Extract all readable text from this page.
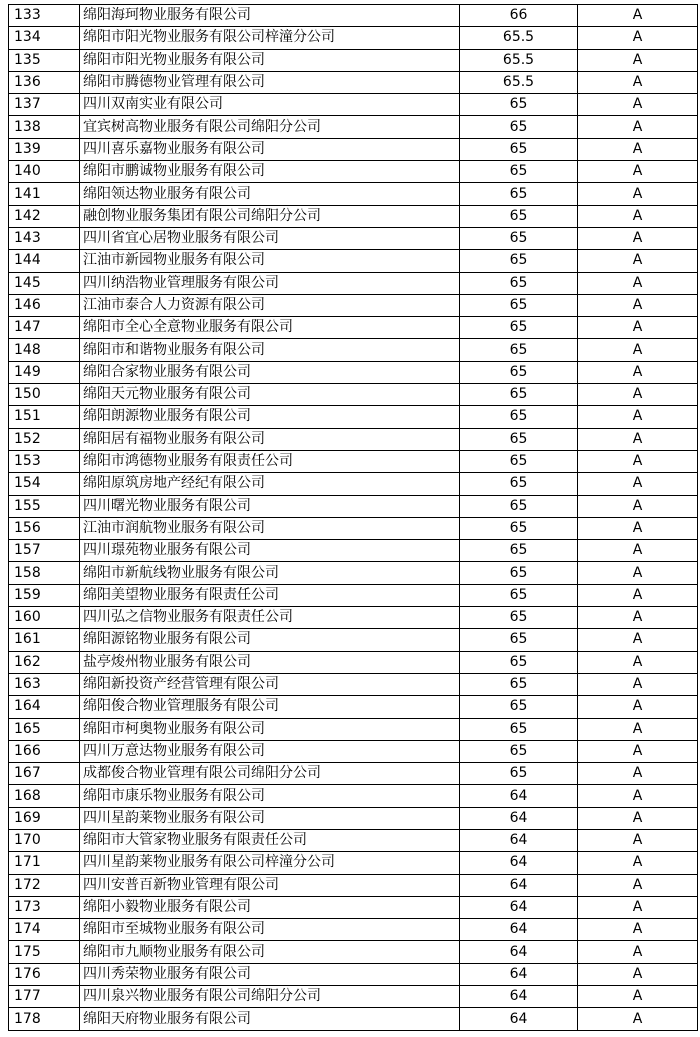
133	绵阳海珂物业服务有限公司	66	A
134	绵阳市阳光物业服务有限公司梓潼分公司	65.5	A
135	绵阳市阳光物业服务有限公司	65.5	A
136	绵阳市腾德物业管理有限公司	65.5	A
137	四川双南实业有限公司	65	A
138	宜宾树高物业服务有限公司绵阳分公司	65	A
139	四川喜乐嘉物业服务有限公司	65	A
140	绵阳市鹏诚物业服务有限公司	65	A
141	绵阳领达物业服务有限公司	65	A
142	融创物业服务集团有限公司绵阳分公司	65	A
143	四川省宜心居物业服务有限公司	65	A
144	江油市新园物业服务有限公司	65	A
145	四川纳浩物业管理服务有限公司	65	A
146	江油市泰合人力资源有限公司	65	A
147	绵阳市全心全意物业服务有限公司	65	A
148	绵阳市和谐物业服务有限公司	65	A
149	绵阳合家物业服务有限公司	65	A
150	绵阳天元物业服务有限公司	65	A
151	绵阳朗源物业服务有限公司	65	A
152	绵阳居有福物业服务有限公司	65	A
153	绵阳市鸿德物业服务有限责任公司	65	A
154	绵阳原筑房地产经纪有限公司	65	A
155	四川曙光物业服务有限公司	65	A
156	江油市润航物业服务有限公司	65	A
157	四川璟苑物业服务有限公司	65	A
158	绵阳市新航线物业服务有限公司	65	A
159	绵阳美望物业服务有限责任公司	65	A
160	四川弘之信物业服务有限责任公司	65	A
161	绵阳源铭物业服务有限公司	65	A
162	盐亭焌州物业服务有限公司	65	A
163	绵阳新投资产经营管理有限公司	65	A
164	绵阳俊合物业管理服务有限公司	65	A
165	绵阳市柯奥物业服务有限公司	65	A
166	四川万意达物业服务有限公司	65	A
167	成都俊合物业管理有限公司绵阳分公司	65	A
168	绵阳市康乐物业服务有限公司	64	A
169	四川星韵莱物业服务有限公司	64	A
170	绵阳市大管家物业服务有限责任公司	64	A
171	四川星韵莱物业服务有限公司梓潼分公司	64	A
172	四川安普百新物业管理有限公司	64	A
173	绵阳小毅物业服务有限公司	64	A
174	绵阳市至城物业服务有限公司	64	A
175	绵阳市九顺物业服务有限公司	64	A
176	四川秀荣物业服务有限公司	64	A
177	四川泉兴物业服务有限公司绵阳分公司	64	A
178	绵阳天府物业服务有限公司	64	A
